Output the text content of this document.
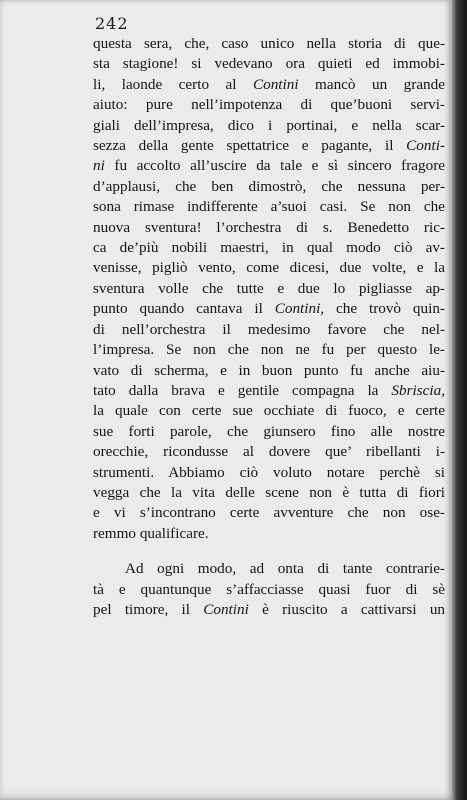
242
questa sera, che, caso unico nella storia di que-
sta stagione! si vedevano ora quieti ed immobi-
li, laonde certo al Contini mancò un grande
aiuto: pure nell’impotenza di que’buoni servi-
giali dell’impresa, dico i portinai, e nella scar-
sezza della gente spettatrice e pagante, il Conti-
ni fu accolto all’uscire da tale e sì sincero fragore
d’applausi, che ben dimostrò, che nessuna per-
sona rimase indifferente a’suoi casi. Se non che
nuova sventura! l’orchestra di s. Benedetto ric-
ca de’più nobili maestri, in qual modo ciò av-
venisse, pigliò vento, come dicesi, due volte, e la
sventura volle che tutte e due lo pigliasse ap-
punto quando cantava il Contini, che trovò quin-
di nell’orchestra il medesimo favore che nel-
l’impresa. Se non che non ne fu per questo le-
vato di scherma, e in buon punto fu anche aiu-
tato dalla brava e gentile compagna la Sbriscia,
la quale con certe sue occhiate di fuoco, e certe
sue forti parole, che giunsero fino alle nostre
orecchie, ricondusse al dovere que’ ribellanti i-
strumenti. Abbiamo ciò voluto notare perchè si
vegga che la vita delle scene non è tutta di fiori
e vi s’incontrano certe avventure che non ose-
remmo qualificare.
Ad ogni modo, ad onta di tante contrarie-
tà e quantunque s’affacciasse quasi fuor di sè
pel timore, il Contini è riuscito a cattivarsi un
